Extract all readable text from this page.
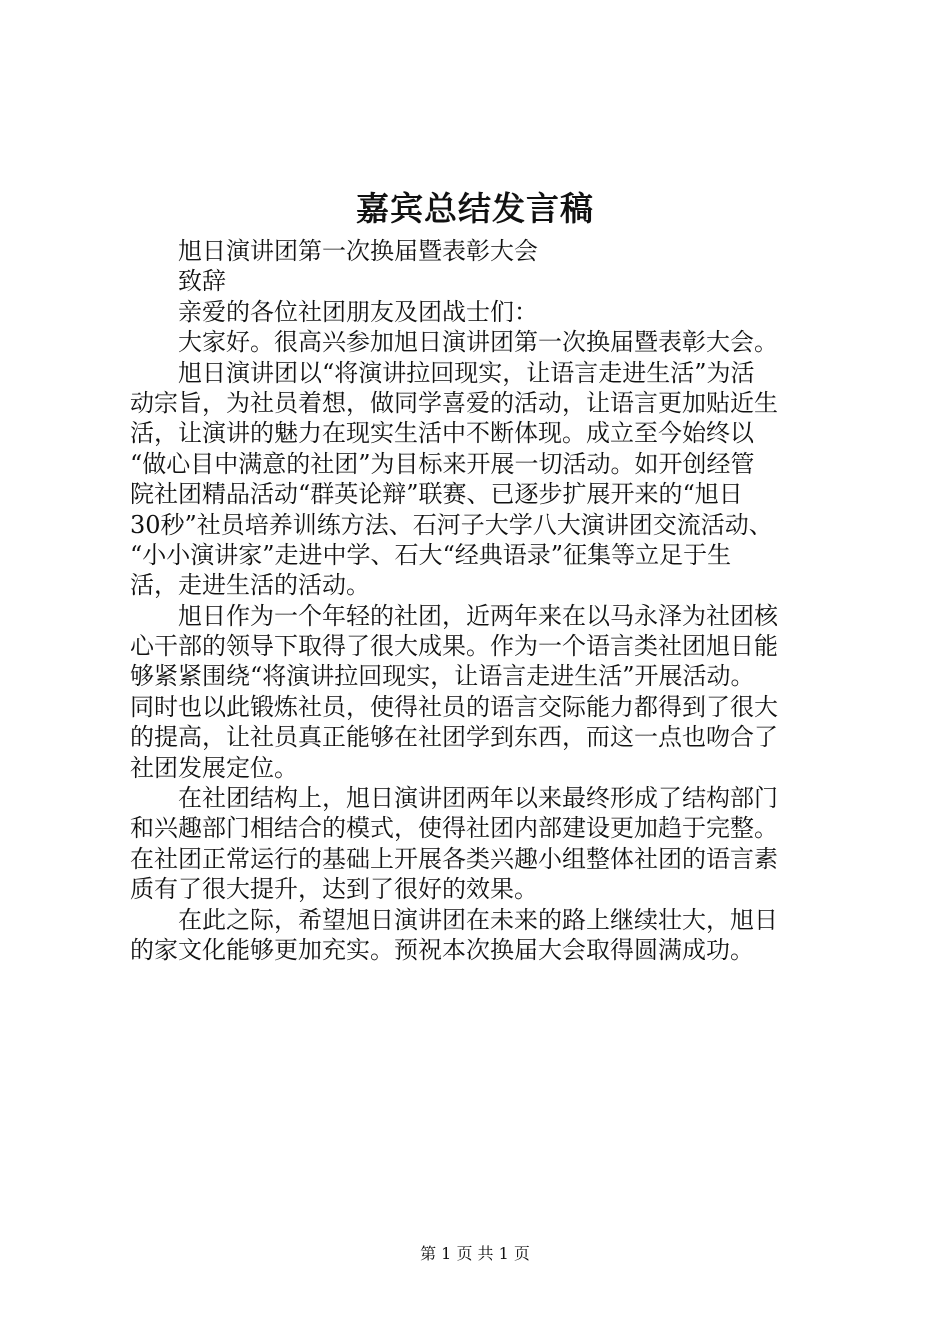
嘉宾总结发言稿
旭日演讲团第一次换届暨表彰大会
致辞
亲爱的各位社团朋友及团战士们：
大家好。很高兴参加旭日演讲团第一次换届暨表彰大会。
旭日演讲团以“将演讲拉回现实，让语言走进生活”为活
动宗旨，为社员着想，做同学喜爱的活动，让语言更加贴近生
活，让演讲的魅力在现实生活中不断体现。成立至今始终以
“做心目中满意的社团”为目标来开展一切活动。如开创经管
院社团精品活动“群英论辩”联赛、已逐步扩展开来的“旭日
30秒”社员培养训练方法、石河子大学八大演讲团交流活动、
“小小演讲家”走进中学、石大“经典语录”征集等立足于生
活，走进生活的活动。
旭日作为一个年轻的社团，近两年来在以马永泽为社团核
心干部的领导下取得了很大成果。作为一个语言类社团旭日能
够紧紧围绕“将演讲拉回现实，让语言走进生活”开展活动。
同时也以此锻炼社员，使得社员的语言交际能力都得到了很大
的提高，让社员真正能够在社团学到东西，而这一点也吻合了
社团发展定位。
在社团结构上，旭日演讲团两年以来最终形成了结构部门
和兴趣部门相结合的模式，使得社团内部建设更加趋于完整。
在社团正常运行的基础上开展各类兴趣小组整体社团的语言素
质有了很大提升，达到了很好的效果。
在此之际，希望旭日演讲团在未来的路上继续壮大，旭日
的家文化能够更加充实。预祝本次换届大会取得圆满成功。
第 1 页 共 1 页
